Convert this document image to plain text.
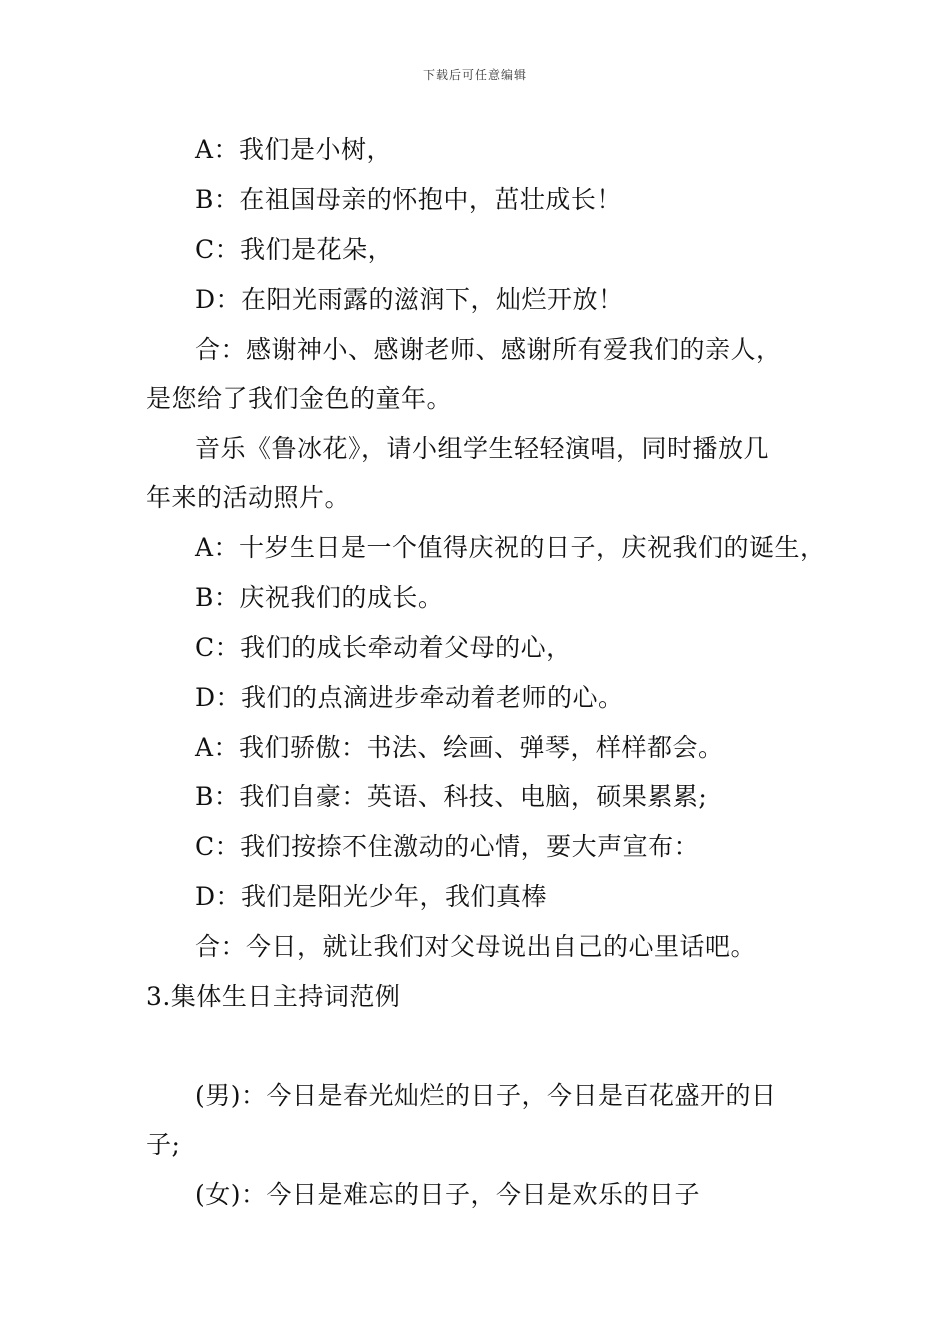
下载后可任意编辑
A：我们是小树，
B：在祖国母亲的怀抱中，茁壮成长！
C：我们是花朵，
D：在阳光雨露的滋润下，灿烂开放！
合：感谢神小、感谢老师、感谢所有爱我们的亲人，
是您给了我们金色的童年。
音乐《鲁冰花》，请小组学生轻轻演唱，同时播放几
年来的活动照片。
A：十岁生日是一个值得庆祝的日子，庆祝我们的诞生，
B：庆祝我们的成长。
C：我们的成长牵动着父母的心，
D：我们的点滴进步牵动着老师的心。
A：我们骄傲：书法、绘画、弹琴，样样都会。
B：我们自豪：英语、科技、电脑，硕果累累;
C：我们按捺不住激动的心情，要大声宣布：
D：我们是阳光少年，我们真棒
合：今日，就让我们对父母说出自己的心里话吧。
3.集体生日主持词范例
(男)：今日是春光灿烂的日子，今日是百花盛开的日
子;
(女)：今日是难忘的日子，今日是欢乐的日子
